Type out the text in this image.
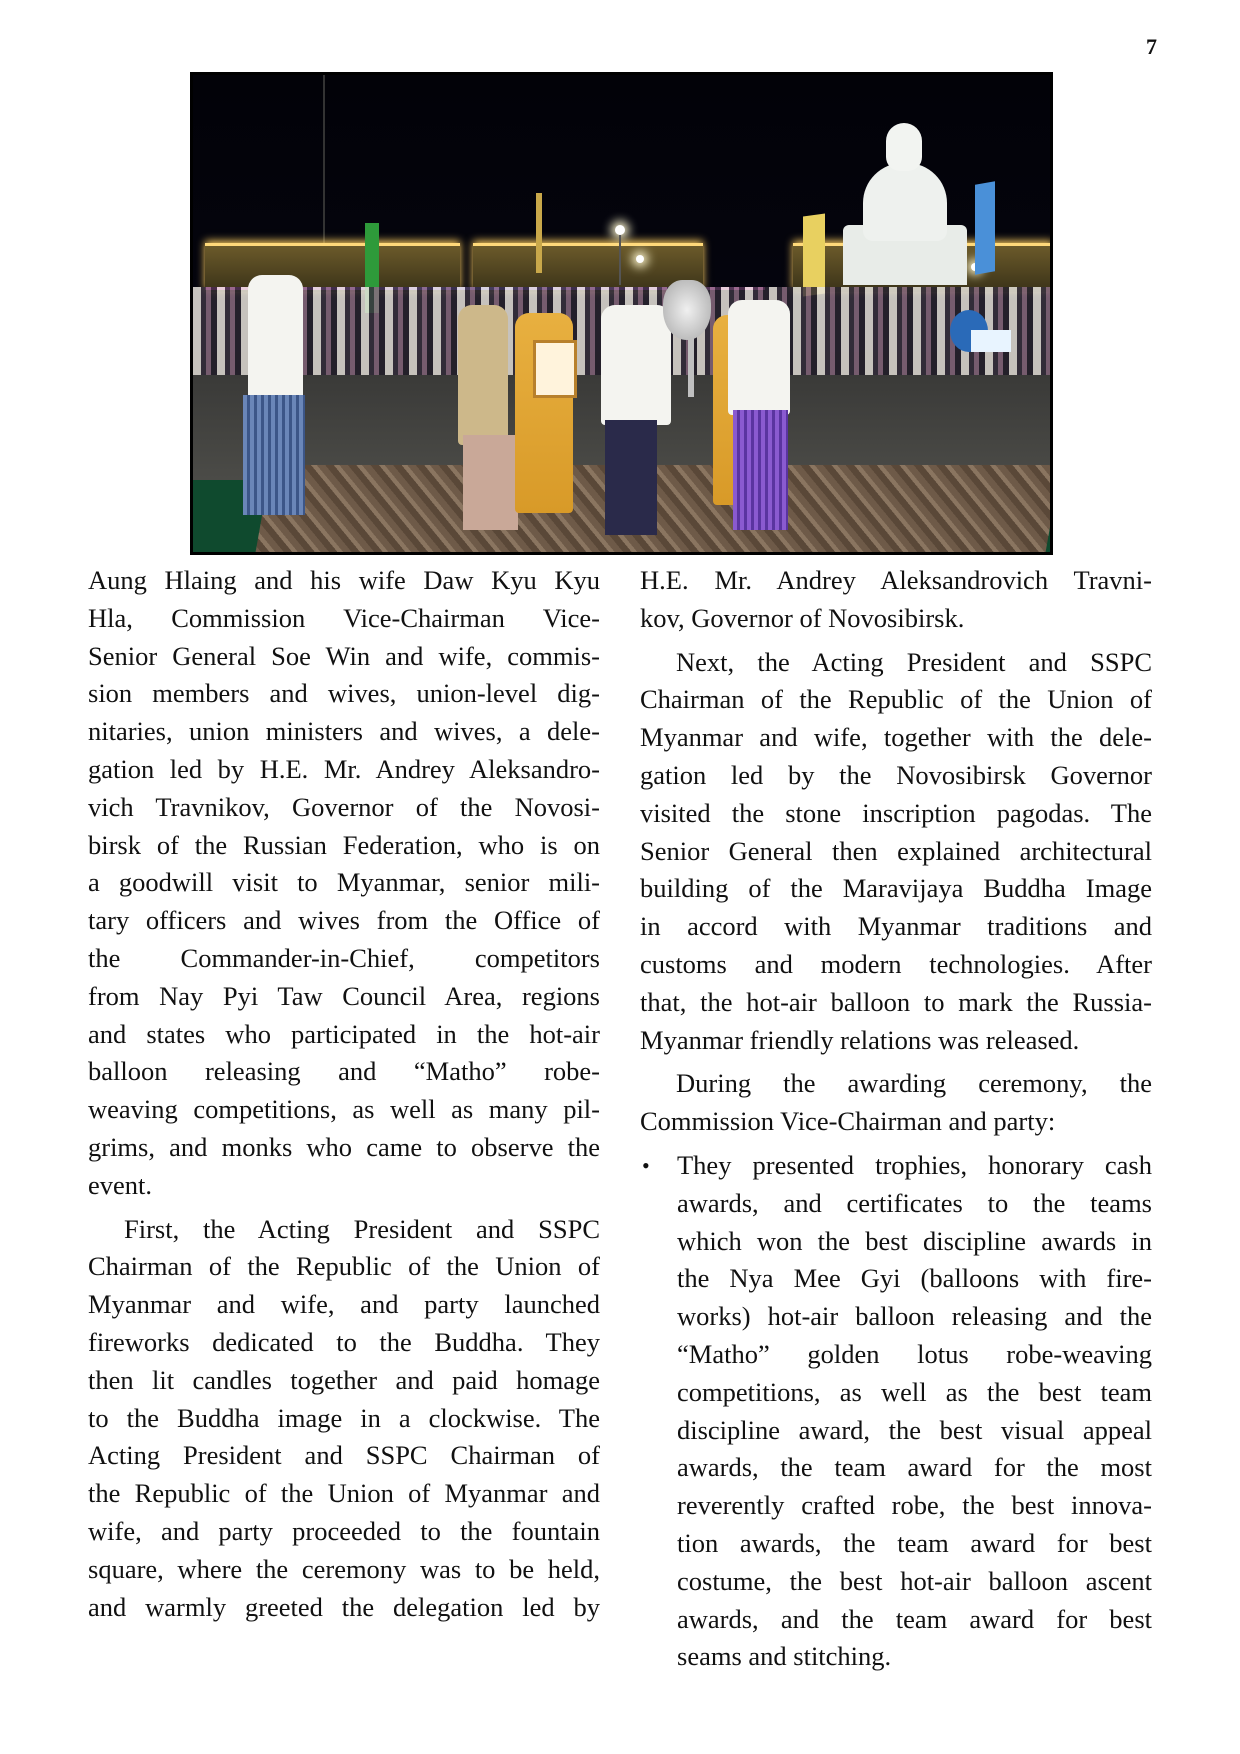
7
Aung Hlaing and his wife Daw Kyu Kyu
Hla, Commission Vice-Chairman Vice-
Senior General Soe Win and wife, commis-
sion members and wives, union-level dig-
nitaries, union ministers and wives, a dele-
gation led by H.E. Mr. Andrey Aleksandro-
vich Travnikov, Governor of the Novosi-
birsk of the Russian Federation, who is on
a goodwill visit to Myanmar, senior mili-
tary officers and wives from the Office of
the Commander-in-Chief, competitors
from Nay Pyi Taw Council Area, regions
and states who participated in the hot-air
balloon releasing and “Matho” robe-
weaving competitions, as well as many pil-
grims, and monks who came to observe the
event.
First, the Acting President and SSPC
Chairman of the Republic of the Union of
Myanmar and wife, and party launched
fireworks dedicated to the Buddha. They
then lit candles together and paid homage
to the Buddha image in a clockwise. The
Acting President and SSPC Chairman of
the Republic of the Union of Myanmar and
wife, and party proceeded to the fountain
square, where the ceremony was to be held,
and warmly greeted the delegation led by
H.E. Mr. Andrey Aleksandrovich Travni-
kov, Governor of Novosibirsk.
Next, the Acting President and SSPC
Chairman of the Republic of the Union of
Myanmar and wife, together with the dele-
gation led by the Novosibirsk Governor
visited the stone inscription pagodas. The
Senior General then explained architectural
building of the Maravijaya Buddha Image
in accord with Myanmar traditions and
customs and modern technologies. After
that, the hot-air balloon to mark the Russia-
Myanmar friendly relations was released.
During the awarding ceremony, the
Commission Vice-Chairman and party:
• They presented trophies, honorary cash
awards, and certificates to the teams
which won the best discipline awards in
the Nya Mee Gyi (balloons with fire-
works) hot-air balloon releasing and the
“Matho” golden lotus robe-weaving
competitions, as well as the best team
discipline award, the best visual appeal
awards, the team award for the most
reverently crafted robe, the best innova-
tion awards, the team award for best
costume, the best hot-air balloon ascent
awards, and the team award for best
seams and stitching.
